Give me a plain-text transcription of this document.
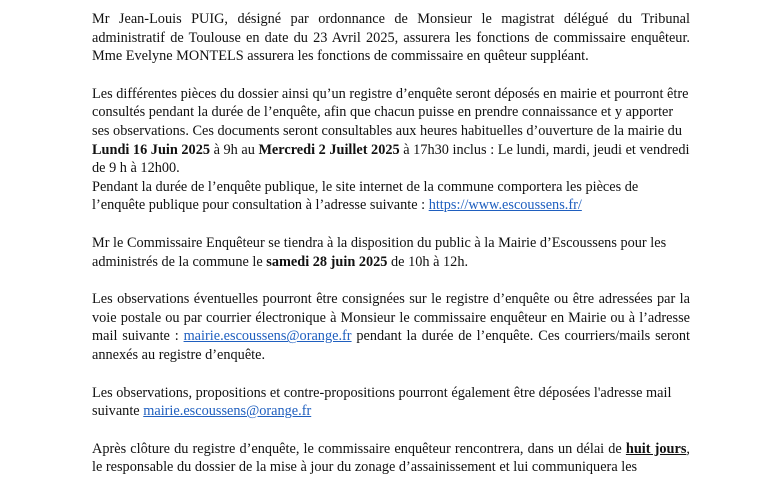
Mr Jean-Louis PUIG, désigné par ordonnance de Monsieur le magistrat délégué du Tribunal administratif de Toulouse en date du 23 Avril 2025, assurera les fonctions de commissaire enquêteur. Mme Evelyne MONTELS assurera les fonctions de commissaire en quêteur suppléant.

Les différentes pièces du dossier ainsi qu’un registre d’enquête seront déposés en mairie et pourront être consultés pendant la durée de l’enquête, afin que chacun puisse en prendre connaissance et y apporter ses observations. Ces documents seront consultables aux heures habituelles d’ouverture de la mairie du Lundi 16 Juin 2025 à 9h au Mercredi 2 Juillet 2025 à 17h30 inclus : Le lundi, mardi, jeudi et vendredi de 9 h à 12h00.
Pendant la durée de l’enquête publique, le site internet de la commune comportera les pièces de l’enquête publique pour consultation à l’adresse suivante : https://www.escoussens.fr/

Mr le Commissaire Enquêteur se tiendra à la disposition du public à la Mairie d’Escoussens pour les administrés de la commune le samedi 28 juin 2025 de 10h à 12h.

Les observations éventuelles pourront être consignées sur le registre d’enquête ou être adressées par la voie postale ou par courrier électronique à Monsieur le commissaire enquêteur en Mairie ou à l’adresse mail suivante : mairie.escoussens@orange.fr pendant la durée de l’enquête. Ces courriers/mails seront annexés au registre d’enquête.

Les observations, propositions et contre-propositions pourront également être déposées l'adresse mail suivante mairie.escoussens@orange.fr

Après clôture du registre d’enquête, le commissaire enquêteur rencontrera, dans un délai de huit jours, le responsable du dossier de la mise à jour du zonage d’assainissement et lui communiquera les
